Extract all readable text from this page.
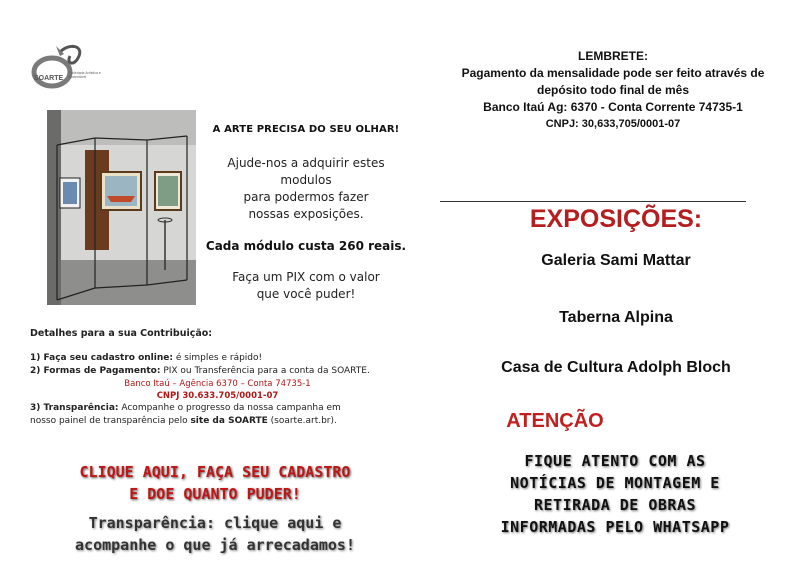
SOARTE
Sociedade Artística e Sustentável
A ARTE PRECISA DO SEU OLHAR!
Ajude-nos a adquirir estes modulos
para podermos fazer
nossas exposições.
Cada módulo custa 260 reais.
Faça um PIX com o valor
que você puder!
Detalhes para a sua Contribuição:
1) Faça seu cadastro online: é simples e rápido!
2) Formas de Pagamento: PIX ou Transferência para a conta da SOARTE.
Banco Itaú – Agência 6370 – Conta 74735-1
CNPJ 30.633.705/0001-07
3) Transparência: Acompanhe o progresso da nossa campanha em
nosso painel de transparência pelo site da SOARTE (soarte.art.br).
CLIQUE AQUI, FAÇA SEU CADASTRO
E DOE QUANTO PUDER!
Transparência: clique aqui e
acompanhe o que já arrecadamos!
LEMBRETE:
Pagamento da mensalidade pode ser feito através de
depósito todo final de mês
Banco Itaú Ag: 6370 - Conta Corrente 74735-1
CNPJ: 30,633,705/0001-07
EXPOSIÇÕES:
Galeria Sami Mattar
Taberna Alpina
Casa de Cultura Adolph Bloch
ATENÇÃO
FIQUE ATENTO COM AS
NOTÍCIAS DE MONTAGEM E
RETIRADA DE OBRAS
INFORMADAS PELO WHATSAPP
